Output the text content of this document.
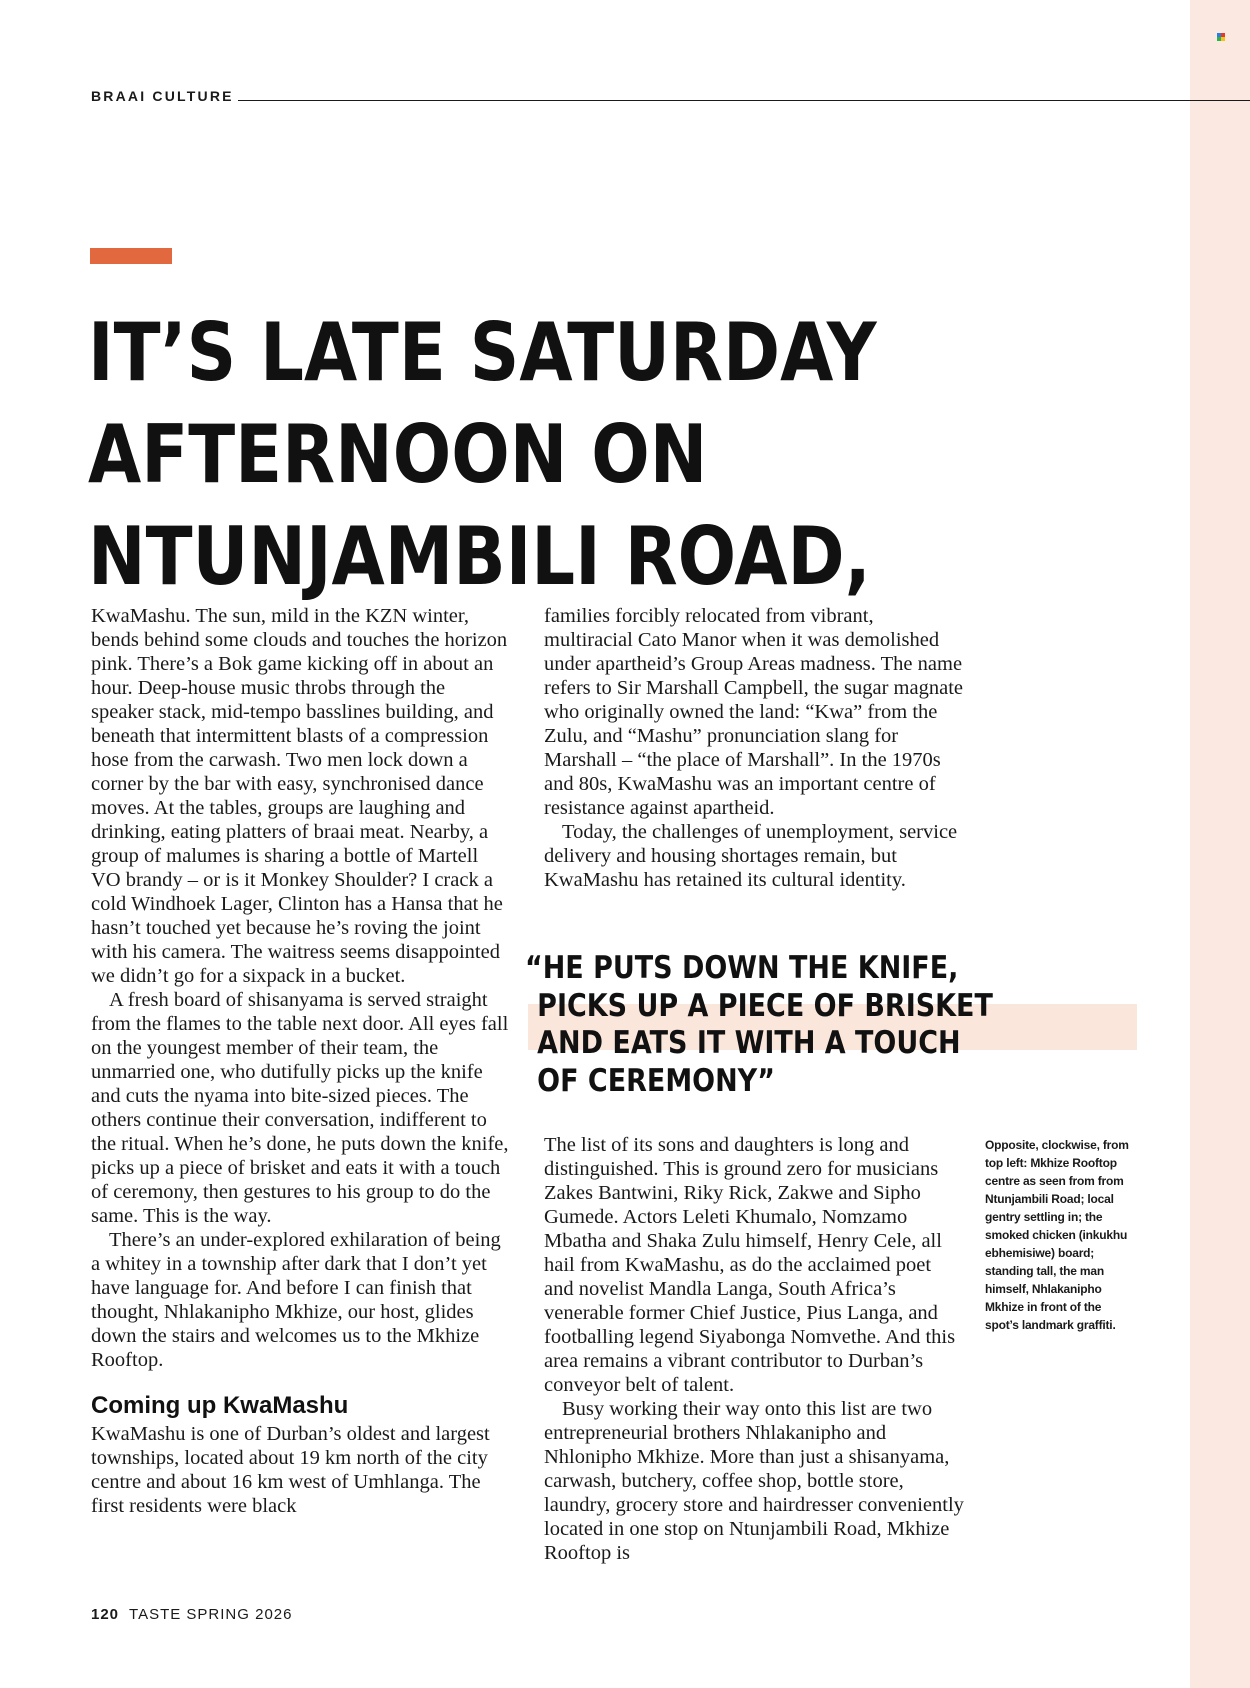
BRAAI CULTURE
IT’S LATE SATURDAY
AFTERNOON ON
NTUNJAMBILI ROAD,

KwaMashu. The sun, mild in the KZN winter, bends behind some clouds and touches the horizon pink. There’s a Bok game kicking off in about an hour. Deep-house music throbs through the speaker stack, mid-tempo basslines building, and beneath that intermittent blasts of a compression hose from the carwash. Two men lock down a corner by the bar with easy, synchronised dance moves. At the tables, groups are laughing and drinking, eating platters of braai meat. Nearby, a group of malumes is sharing a bottle of Martell VO brandy – or is it Monkey Shoulder? I crack a cold Windhoek Lager, Clinton has a Hansa that he hasn’t touched yet because he’s roving the joint with his camera. The waitress seems disappointed we didn’t go for a sixpack in a bucket.

A fresh board of shisanyama is served straight from the flames to the table next door. All eyes fall on the youngest member of their team, the unmarried one, who dutifully picks up the knife and cuts the nyama into bite-sized pieces. The others continue their conversation, indifferent to the ritual. When he’s done, he puts down the knife, picks up a piece of brisket and eats it with a touch of ceremony, then gestures to his group to do the same. This is the way.

There’s an under-explored exhilaration of being a whitey in a township after dark that I don’t yet have language for. And before I can finish that thought, Nhlakanipho Mkhize, our host, glides down the stairs and welcomes us to the Mkhize Rooftop.

Coming up KwaMashu

KwaMashu is one of Durban’s oldest and largest townships, located about 19 km north of the city centre and about 16 km west of Umhlanga. The first residents were black

families forcibly relocated from vibrant, multiracial Cato Manor when it was demolished under apartheid’s Group Areas madness. The name refers to Sir Marshall Campbell, the sugar magnate who originally owned the land: “Kwa” from the Zulu, and “Mashu” pronunciation slang for Marshall – “the place of Marshall”. In the 1970s and 80s, KwaMashu was an important centre of resistance against apartheid.

Today, the challenges of unemployment, service delivery and housing shortages remain, but KwaMashu has retained its cultural identity.

“HE PUTS DOWN THE KNIFE,
PICKS UP A PIECE OF BRISKET
AND EATS IT WITH A TOUCH
OF CEREMONY”

The list of its sons and daughters is long and distinguished. This is ground zero for musicians Zakes Bantwini, Riky Rick, Zakwe and Sipho Gumede. Actors Leleti Khumalo, Nomzamo Mbatha and Shaka Zulu himself, Henry Cele, all hail from KwaMashu, as do the acclaimed poet and novelist Mandla Langa, South Africa’s venerable former Chief Justice, Pius Langa, and footballing legend Siyabonga Nomvethe. And this area remains a vibrant contributor to Durban’s conveyor belt of talent.

Busy working their way onto this list are two entrepreneurial brothers Nhlakanipho and Nhlonipho Mkhize. More than just a shisanyama, carwash, butchery, coffee shop, bottle store, laundry, grocery store and hairdresser conveniently located in one stop on Ntunjambili Road, Mkhize Rooftop is

Opposite, clockwise, from top left: Mkhize Rooftop centre as seen from from Ntunjambili Road; local gentry settling in; the smoked chicken (inkukhu ebhemisiwe) board; standing tall, the man himself, Nhlakanipho Mkhize in front of the spot’s landmark graffiti.
120 TASTE SPRING 2026
